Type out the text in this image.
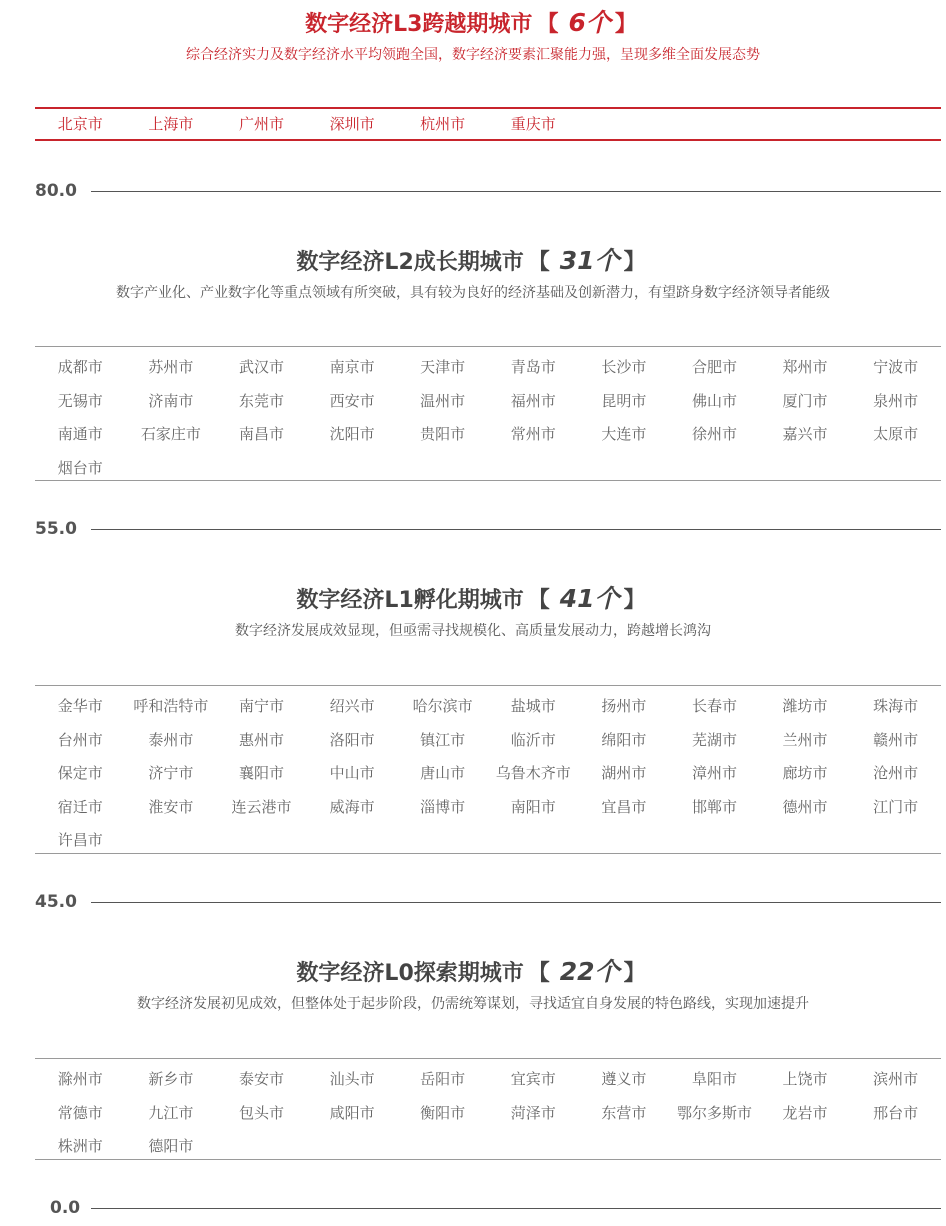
数字经济L3跨越期城市 【 6个 】

综合经济实力及数字经济水平均领跑全国，数字经济要素汇聚能力强，呈现多维全面发展态势

北京市	上海市	广州市	深圳市	杭州市	重庆市
80.0
数字经济L2成长期城市 【 31个 】

数字产业化、产业数字化等重点领域有所突破，具有较为良好的经济基础及创新潜力，有望跻身数字经济领导者能级

成都市	苏州市	武汉市	南京市	天津市	青岛市	长沙市	合肥市	郑州市	宁波市
无锡市	济南市	东莞市	西安市	温州市	福州市	昆明市	佛山市	厦门市	泉州市
南通市	石家庄市	南昌市	沈阳市	贵阳市	常州市	大连市	徐州市	嘉兴市	太原市
烟台市
55.0
数字经济L1孵化期城市 【 41个 】

数字经济发展成效显现，但亟需寻找规模化、高质量发展动力，跨越增长鸿沟

金华市	呼和浩特市	南宁市	绍兴市	哈尔滨市	盐城市	扬州市	长春市	潍坊市	珠海市
台州市	泰州市	惠州市	洛阳市	镇江市	临沂市	绵阳市	芜湖市	兰州市	赣州市
保定市	济宁市	襄阳市	中山市	唐山市	乌鲁木齐市	湖州市	漳州市	廊坊市	沧州市
宿迁市	淮安市	连云港市	威海市	淄博市	南阳市	宜昌市	邯郸市	德州市	江门市
许昌市
45.0
数字经济L0探索期城市 【 22个 】

数字经济发展初见成效，但整体处于起步阶段，仍需统筹谋划，寻找适宜自身发展的特色路线，实现加速提升

滁州市	新乡市	泰安市	汕头市	岳阳市	宜宾市	遵义市	阜阳市	上饶市	滨州市
常德市	九江市	包头市	咸阳市	衡阳市	菏泽市	东营市	鄂尔多斯市	龙岩市	邢台市
株洲市	德阳市
0.0
